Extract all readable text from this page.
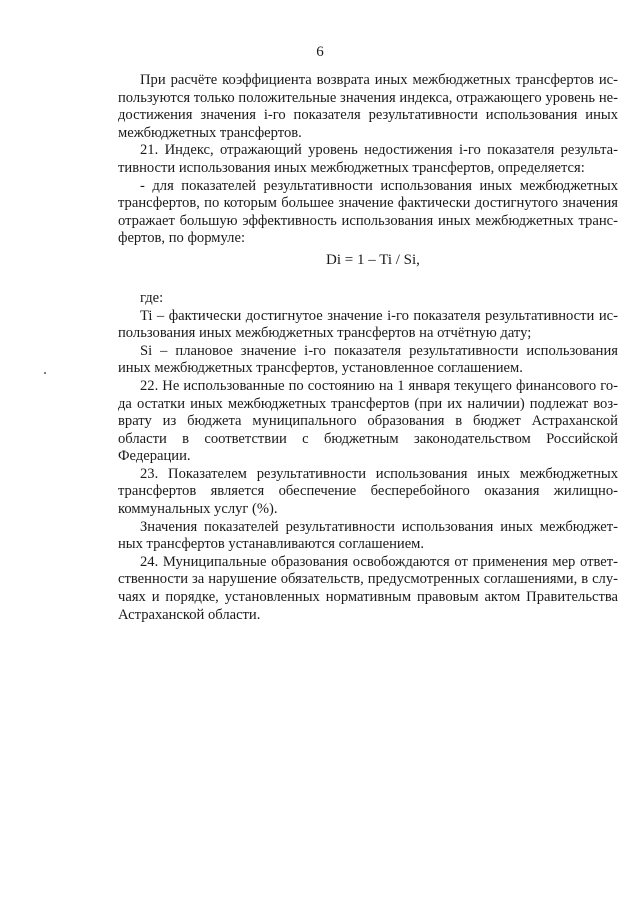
6

При расчёте коэффициента возврата иных межбюджетных трансфертов используются только положительные значения индекса, отражающего уровень недостижения значения i-го показателя результативности использования иных межбюджетных трансфертов.

21. Индекс, отражающий уровень недостижения i-го показателя результативности использования иных межбюджетных трансфертов, определяется:

- для показателей результативности использования иных межбюджетных трансфертов, по которым большее значение фактически достигнутого значения отражает большую эффективность использования иных межбюджетных трансфертов, по формуле:

Di = 1 – Ti / Si,

где:

Ti – фактически достигнутое значение i-го показателя результативности использования иных межбюджетных трансфертов на отчётную дату;

Si – плановое значение i-го показателя результативности использования иных межбюджетных трансфертов, установленное соглашением.

22. Не использованные по состоянию на 1 января текущего финансового года остатки иных межбюджетных трансфертов (при их наличии) подлежат возврату из бюджета муниципального образования в бюджет Астраханской области в соответствии с бюджетным законодательством Российской Федерации.

23. Показателем результативности использования иных межбюджетных трансфертов является обеспечение бесперебойного оказания жилищно-коммунальных услуг (%).

Значения показателей результативности использования иных межбюджетных трансфертов устанавливаются соглашением.

24. Муниципальные образования освобождаются от применения мер ответственности за нарушение обязательств, предусмотренных соглашениями, в случаях и порядке, установленных нормативным правовым актом Правительства Астраханской области.
